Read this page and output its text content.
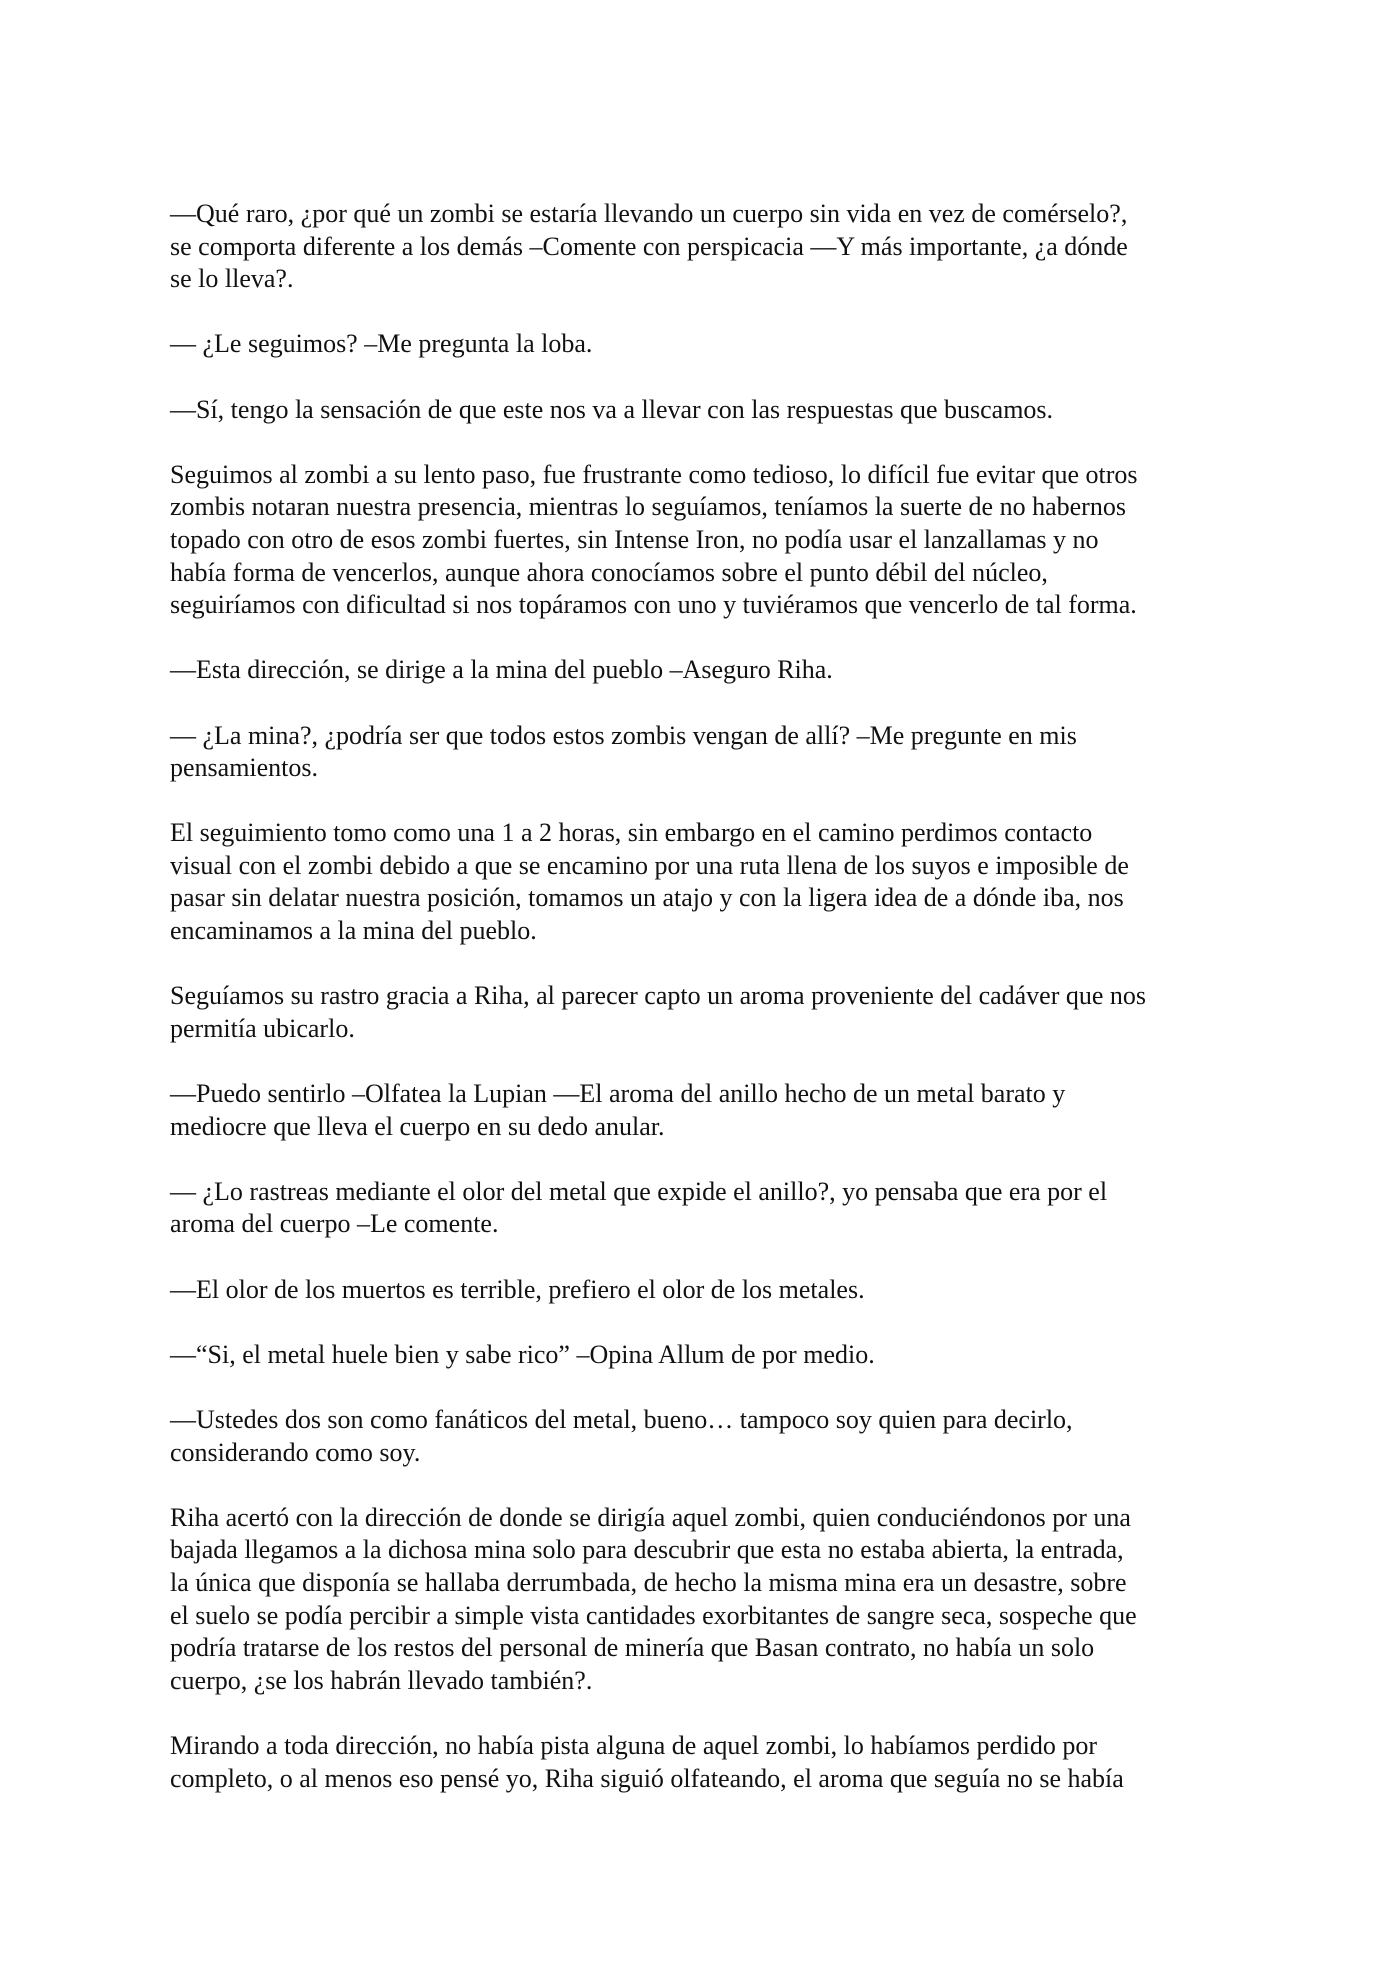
—Qué raro, ¿por qué un zombi se estaría llevando un cuerpo sin vida en vez de comérselo?,
se comporta diferente a los demás –Comente con perspicacia —Y más importante, ¿a dónde
se lo lleva?.

— ¿Le seguimos? –Me pregunta la loba.

—Sí, tengo la sensación de que este nos va a llevar con las respuestas que buscamos.

Seguimos al zombi a su lento paso, fue frustrante como tedioso, lo difícil fue evitar que otros
zombis notaran nuestra presencia, mientras lo seguíamos, teníamos la suerte de no habernos
topado con otro de esos zombi fuertes, sin Intense Iron, no podía usar el lanzallamas y no
había forma de vencerlos, aunque ahora conocíamos sobre el punto débil del núcleo,
seguiríamos con dificultad si nos topáramos con uno y tuviéramos que vencerlo de tal forma.

—Esta dirección, se dirige a la mina del pueblo –Aseguro Riha.

— ¿La mina?, ¿podría ser que todos estos zombis vengan de allí? –Me pregunte en mis
pensamientos.

El seguimiento tomo como una 1 a 2 horas, sin embargo en el camino perdimos contacto
visual con el zombi debido a que se encamino por una ruta llena de los suyos e imposible de
pasar sin delatar nuestra posición, tomamos un atajo y con la ligera idea de a dónde iba, nos
encaminamos a la mina del pueblo.

Seguíamos su rastro gracia a Riha, al parecer capto un aroma proveniente del cadáver que nos
permitía ubicarlo.

—Puedo sentirlo –Olfatea la Lupian —El aroma del anillo hecho de un metal barato y
mediocre que lleva el cuerpo en su dedo anular.

— ¿Lo rastreas mediante el olor del metal que expide el anillo?, yo pensaba que era por el
aroma del cuerpo –Le comente.

—El olor de los muertos es terrible, prefiero el olor de los metales.

—“Si, el metal huele bien y sabe rico” –Opina Allum de por medio.

—Ustedes dos son como fanáticos del metal, bueno… tampoco soy quien para decirlo,
considerando como soy.

Riha acertó con la dirección de donde se dirigía aquel zombi, quien conduciéndonos por una
bajada llegamos a la dichosa mina solo para descubrir que esta no estaba abierta, la entrada,
la única que disponía se hallaba derrumbada, de hecho la misma mina era un desastre, sobre
el suelo se podía percibir a simple vista cantidades exorbitantes de sangre seca, sospeche que
podría tratarse de los restos del personal de minería que Basan contrato, no había un solo
cuerpo, ¿se los habrán llevado también?.

Mirando a toda dirección, no había pista alguna de aquel zombi, lo habíamos perdido por
completo, o al menos eso pensé yo, Riha siguió olfateando, el aroma que seguía no se había
